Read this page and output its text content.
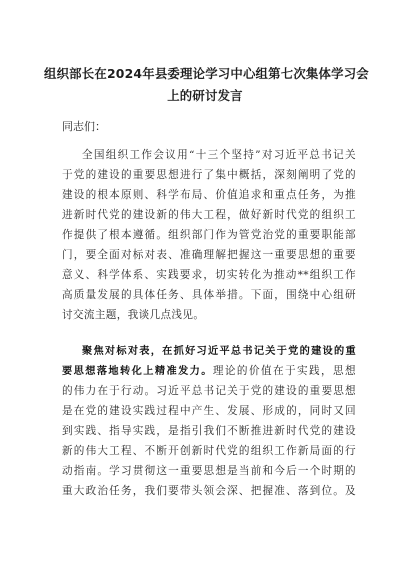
组织部长在2024年县委理论学习中心组第七次集体学习会
上的研讨发言
同志们：
全国组织工作会议用“十三个坚持”对习近平总书记关
于党的建设的重要思想进行了集中概括，深刻阐明了党的
建设的根本原则、科学布局、价值追求和重点任务，为推
进新时代党的建设新的伟大工程，做好新时代党的组织工
作提供了根本遵循。组织部门作为管党治党的重要职能部
门，要全面对标对表、准确理解把握这一重要思想的重要
意义、科学体系、实践要求，切实转化为推动**组织工作
高质量发展的具体任务、具体举措。下面，围绕中心组研
讨交流主题，我谈几点浅见。
聚焦对标对表，在抓好习近平总书记关于党的建设的重
要思想落地转化上精准发力。理论的价值在于实践，思想
的伟力在于行动。习近平总书记关于党的建设的重要思想
是在党的建设实践过程中产生、发展、形成的，同时又回
到实践、指导实践，是指引我们不断推进新时代党的建设
新的伟大工程、不断开创新时代党的组织工作新局面的行
动指南。学习贯彻这一重要思想是当前和今后一个时期的
重大政治任务，我们要带头领会深、把握准、落到位。及
